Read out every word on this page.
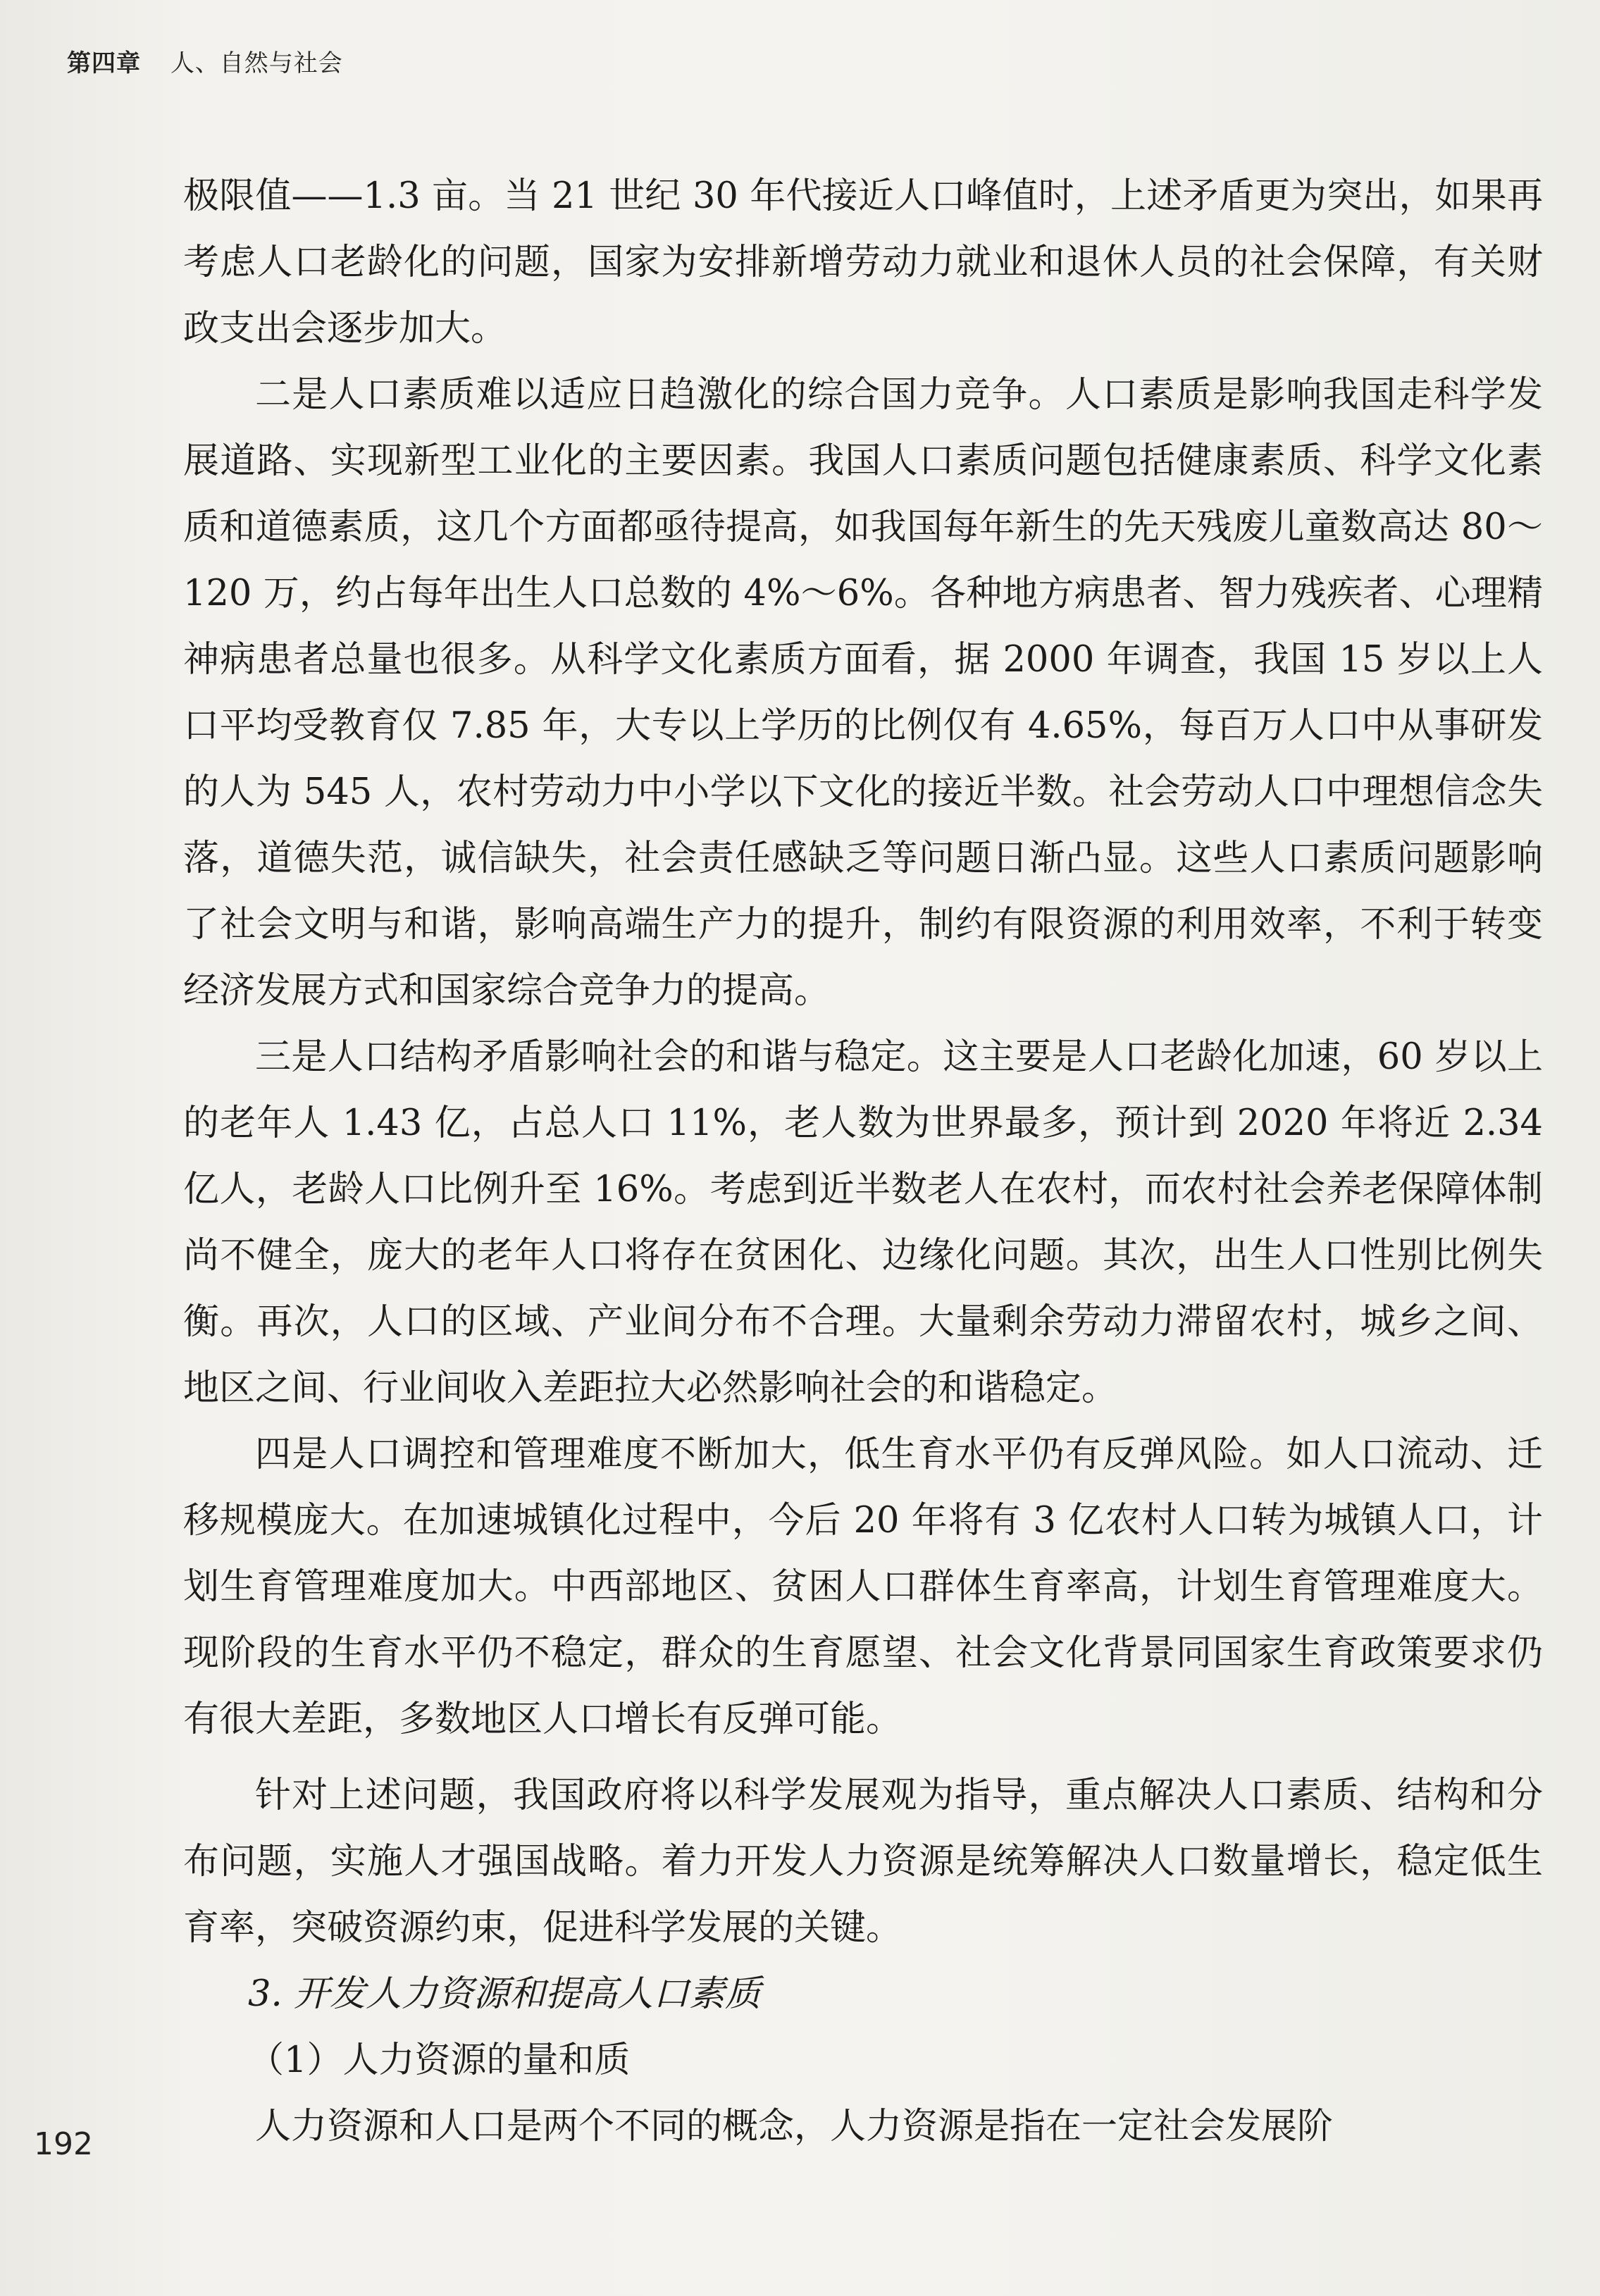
第四章 人、自然与社会

极限值——1.3 亩。当 21 世纪 30 年代接近人口峰值时，上述矛盾更为突出，如果再考虑人口老龄化的问题，国家为安排新增劳动力就业和退休人员的社会保障，有关财政支出会逐步加大。

二是人口素质难以适应日趋激化的综合国力竞争。人口素质是影响我国走科学发展道路、实现新型工业化的主要因素。我国人口素质问题包括健康素质、科学文化素质和道德素质，这几个方面都亟待提高，如我国每年新生的先天残废儿童数高达 80～120 万，约占每年出生人口总数的 4%～6%。各种地方病患者、智力残疾者、心理精神病患者总量也很多。从科学文化素质方面看，据 2000 年调查，我国 15 岁以上人口平均受教育仅 7.85 年，大专以上学历的比例仅有 4.65%，每百万人口中从事研发的人为 545 人，农村劳动力中小学以下文化的接近半数。社会劳动人口中理想信念失落，道德失范，诚信缺失，社会责任感缺乏等问题日渐凸显。这些人口素质问题影响了社会文明与和谐，影响高端生产力的提升，制约有限资源的利用效率，不利于转变经济发展方式和国家综合竞争力的提高。

三是人口结构矛盾影响社会的和谐与稳定。这主要是人口老龄化加速，60 岁以上的老年人 1.43 亿，占总人口 11%，老人数为世界最多，预计到 2020 年将近 2.34 亿人，老龄人口比例升至 16%。考虑到近半数老人在农村，而农村社会养老保障体制尚不健全，庞大的老年人口将存在贫困化、边缘化问题。其次，出生人口性别比例失衡。再次，人口的区域、产业间分布不合理。大量剩余劳动力滞留农村，城乡之间、地区之间、行业间收入差距拉大必然影响社会的和谐稳定。

四是人口调控和管理难度不断加大，低生育水平仍有反弹风险。如人口流动、迁移规模庞大。在加速城镇化过程中，今后 20 年将有 3 亿农村人口转为城镇人口，计划生育管理难度加大。中西部地区、贫困人口群体生育率高，计划生育管理难度大。现阶段的生育水平仍不稳定，群众的生育愿望、社会文化背景同国家生育政策要求仍有很大差距，多数地区人口增长有反弹可能。

针对上述问题，我国政府将以科学发展观为指导，重点解决人口素质、结构和分布问题，实施人才强国战略。着力开发人力资源是统筹解决人口数量增长，稳定低生育率，突破资源约束，促进科学发展的关键。

3. 开发人力资源和提高人口素质

（1）人力资源的量和质

人力资源和人口是两个不同的概念，人力资源是指在一定社会发展阶

192
